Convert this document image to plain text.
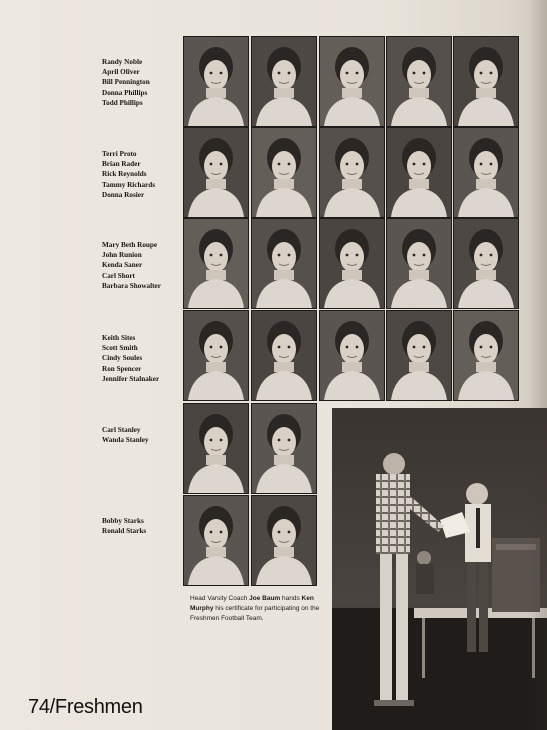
Randy Noble
April Oliver
Bill Pennington
Donna Phillips
Todd Phillips
Terri Proto
Brian Rader
Rick Reynolds
Tammy Richards
Donna Rosier
Mary Beth Roupe
John Runion
Kenda Saner
Carl Short
Barbara Showalter
Keith Sites
Scott Smith
Cindy Soules
Ron Spencer
Jennifer Stalnaker
Carl Stanley
Wanda Stanley
Bobby Starks
Ronald Starks
Head Varsity Coach Joe Baum hands Ken Murphy his certificate for participating on the Freshmen Football Team.
74/Freshmen
